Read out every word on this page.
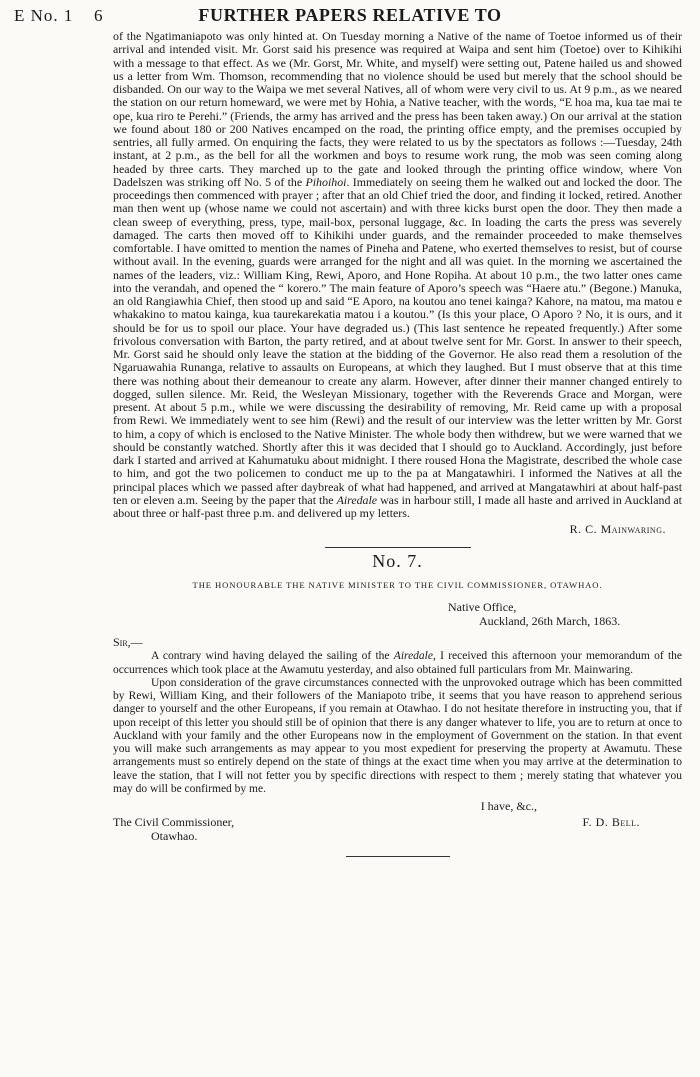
E No. 1 6	FURTHER PAPERS RELATIVE TO

of the Ngatimaniapoto was only hinted at. On Tuesday morning a Native of the name of Toetoe informed us of their arrival and intended visit. Mr. Gorst said his presence was required at Waipa and sent him (Toetoe) over to Kihikihi with a message to that effect. As we (Mr. Gorst, Mr. White, and myself) were setting out, Patene hailed us and showed us a letter from Wm. Thomson, recommending that no violence should be used but merely that the school should be disbanded. On our way to the Waipa we met several Natives, all of whom were very civil to us. At 9 p.m., as we neared the station on our return homeward, we were met by Hohia, a Native teacher, with the words, “E hoa ma, kua tae mai te ope, kua riro te Perehi.” (Friends, the army has arrived and the press has been taken away.) On our arrival at the station we found about 180 or 200 Natives encamped on the road, the printing office empty, and the premises occupied by sentries, all fully armed. On enquiring the facts, they were related to us by the spectators as follows :—Tuesday, 24th instant, at 2 p.m., as the bell for all the workmen and boys to resume work rung, the mob was seen coming along headed by three carts. They marched up to the gate and looked through the printing office window, where Von Dadelszen was striking off No. 5 of the Pihoihoi. Immediately on seeing them he walked out and locked the door. The proceedings then commenced with prayer ; after that an old Chief tried the door, and finding it locked, retired. Another man then went up (whose name we could not ascertain) and with three kicks burst open the door. They then made a clean sweep of everything, press, type, mail-box, personal luggage, &c. In loading the carts the press was severely damaged. The carts then moved off to Kihikihi under guards, and the remainder proceeded to make themselves comfortable. I have omitted to mention the names of Pineha and Patene, who exerted themselves to resist, but of course without avail. In the evening, guards were arranged for the night and all was quiet. In the morning we ascertained the names of the leaders, viz.: William King, Rewi, Aporo, and Hone Ropiha. At about 10 p.m., the two latter ones came into the verandah, and opened the “ korero.” The main feature of Aporo’s speech was “Haere atu.” (Begone.) Manuka, an old Rangiawhia Chief, then stood up and said “E Aporo, na koutou ano tenei kainga? Kahore, na matou, ma matou e whakakino to matou kainga, kua taurekarekatia matou i a koutou.” (Is this your place, O Aporo ? No, it is ours, and it should be for us to spoil our place. Your have degraded us.) (This last sentence he repeated frequently.) After some frivolous conversation with Barton, the party retired, and at about twelve sent for Mr. Gorst. In answer to their speech, Mr. Gorst said he should only leave the station at the bidding of the Governor. He also read them a resolution of the Ngaruawahia Runanga, relative to assaults on Europeans, at which they laughed. But I must observe that at this time there was nothing about their demeanour to create any alarm. However, after dinner their manner changed entirely to dogged, sullen silence. Mr. Reid, the Wesleyan Missionary, together with the Reverends Grace and Morgan, were present. At about 5 p.m., while we were discussing the desirability of removing, Mr. Reid came up with a proposal from Rewi. We immediately went to see him (Rewi) and the result of our interview was the letter written by Mr. Gorst to him, a copy of which is enclosed to the Native Minister. The whole body then withdrew, but we were warned that we should be constantly watched. Shortly after this it was decided that I should go to Auckland. Accordingly, just before dark I started and arrived at Kahumatuku about midnight. I there roused Hona the Magistrate, described the whole case to him, and got the two policemen to conduct me up to the pa at Mangatawhiri. I informed the Natives at all the principal places which we passed after daybreak of what had happened, and arrived at Mangatawhiri at about half-past ten or eleven a.m. Seeing by the paper that the Airedale was in harbour still, I made all haste and arrived in Auckland at about three or half-past three p.m. and delivered up my letters.

R. C. Mainwaring.
No. 7.
THE HONOURABLE THE NATIVE MINISTER TO THE CIVIL COMMISSIONER, OTAWHAO.
Native Office,
Auckland, 26th March, 1863.
Sir,—

A contrary wind having delayed the sailing of the Airedale, I received this afternoon your memorandum of the occurrences which took place at the Awamutu yesterday, and also obtained full particulars from Mr. Mainwaring.

Upon consideration of the grave circumstances connected with the unprovoked outrage which has been committed by Rewi, William King, and their followers of the Maniapoto tribe, it seems that you have reason to apprehend serious danger to yourself and the other Europeans, if you remain at Otawhao. I do not hesitate therefore in instructing you, that if upon receipt of this letter you should still be of opinion that there is any danger whatever to life, you are to return at once to Auckland with your family and the other Europeans now in the employment of Government on the station. In that event you will make such arrangements as may appear to you most expedient for preserving the property at Awamutu. These arrangements must so entirely depend on the state of things at the exact time when you may arrive at the determination to leave the station, that I will not fetter you by specific directions with respect to them ; merely stating that whatever you may do will be confirmed by me.

I have, &c.,
The Civil Commissioner,	F. D. Bell.
Otawhao.
